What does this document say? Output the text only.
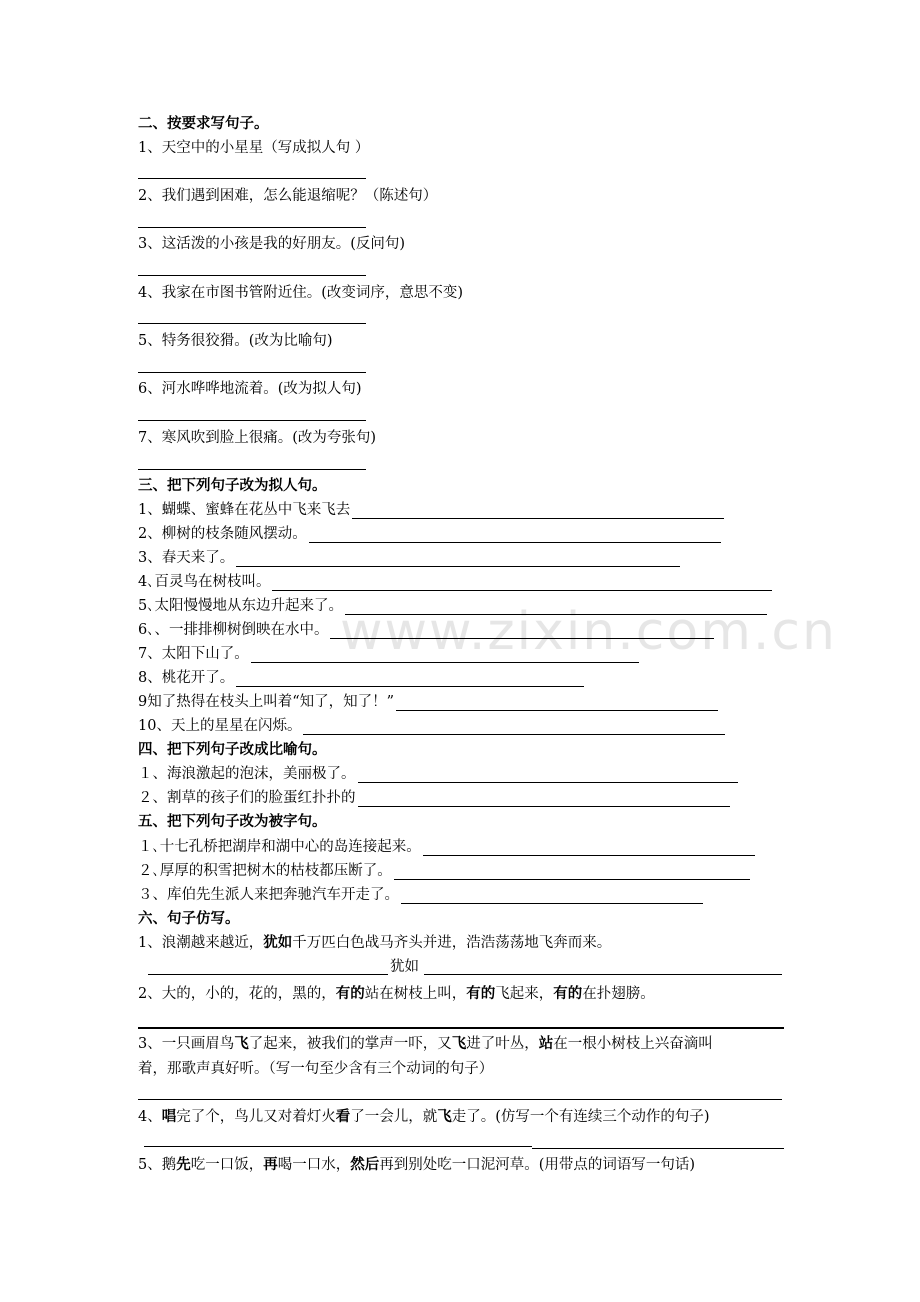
www.zixin.com.cn
二、按要求写句子。
1、天空中的小星星（写成拟人句 ）
2、我们遇到困难，怎么能退缩呢？（陈述句）
3、这活泼的小孩是我的好朋友。(反问句)
4、我家在市图书管附近住。(改变词序，意思不变)
5、特务很狡猾。(改为比喻句)
6、河水哗哗地流着。(改为拟人句)
7、寒风吹到脸上很痛。(改为夸张句)
三、把下列句子改为拟人句。
1、蝴蝶、蜜蜂在花丛中飞来飞去
2、柳树的枝条随风摆动。
3、春天来了。
4､百灵鸟在树枝叫。
5､太阳慢慢地从东边升起来了。
6､、一排排柳树倒映在水中。
7、太阳下山了。
8、桃花开了。
9知了热得在枝头上叫着“知了，知了！”
10、天上的星星在闪烁。
四、把下列句子改成比喻句。
１、海浪激起的泡沫，美丽极了。
２、割草的孩子们的脸蛋红扑扑的
五、把下列句子改为被字句。
１､十七孔桥把湖岸和湖中心的岛连接起来。
２､厚厚的积雪把树木的枯枝都压断了。
３、库伯先生派人来把奔驰汽车开走了。
六、句子仿写。
1、浪潮越来越近，犹如千万匹白色战马齐头并进，浩浩荡荡地飞奔而来。
犹如
2、大的，小的，花的，黑的，有的站在树枝上叫，有的飞起来，有的在扑翅膀。
3、一只画眉鸟飞了起来，被我们的掌声一吓，又飞进了叶丛，站在一根小树枝上兴奋滴叫
着，那歌声真好听。（写一句至少含有三个动词的句子）
4、唱完了个，鸟儿又对着灯火看了一会儿，就飞走了。(仿写一个有连续三个动作的句子)
5、鹅先吃一口饭，再喝一口水，然后再到别处吃一口泥河草。(用带点的词语写一句话)
